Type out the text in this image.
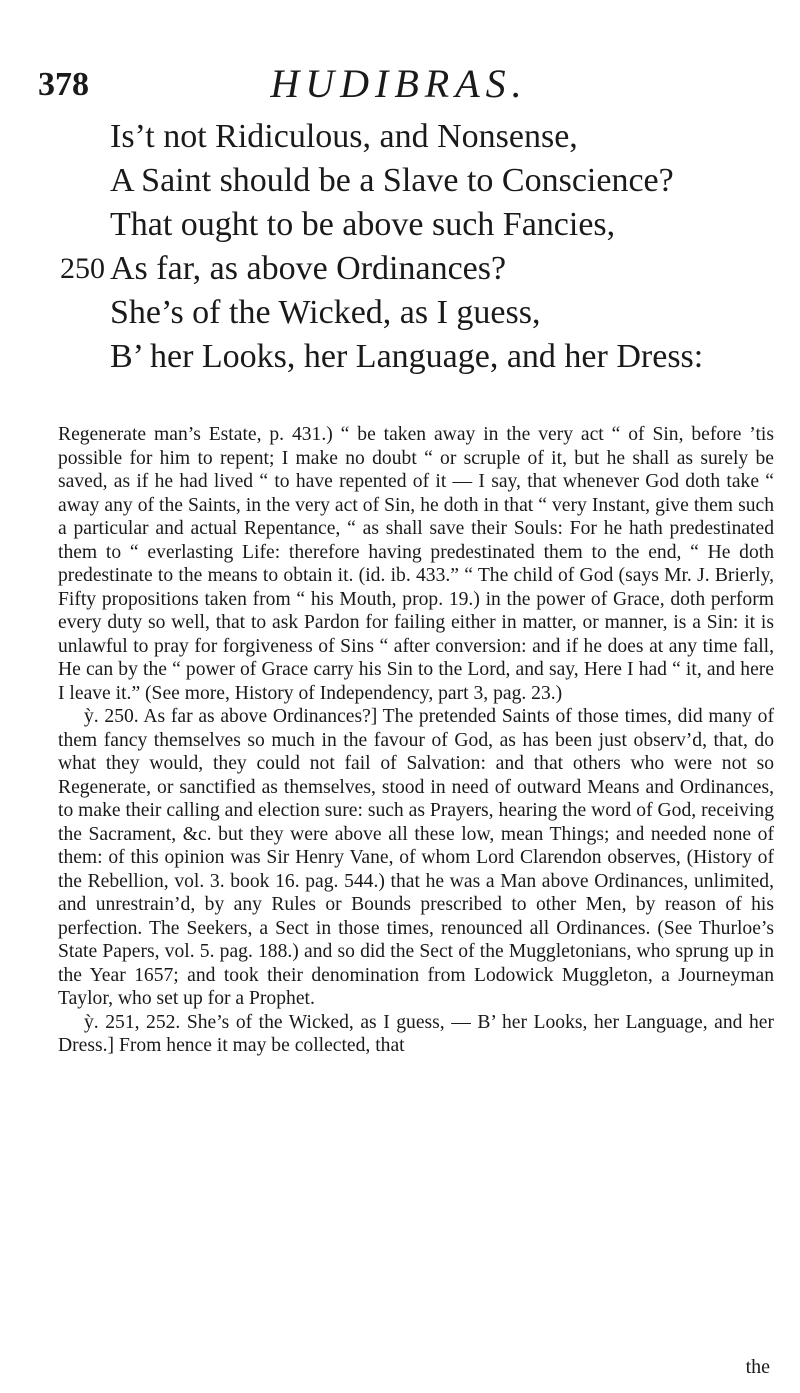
378	HUDIBRAS.
Is’t not Ridiculous, and Nonsense,
A Saint should be a Slave to Conscience?
That ought to be above such Fancies,
250 As far, as above Ordinances?
She’s of the Wicked, as I guess,
B’ her Looks, her Language, and her Dress:

Regenerate man’s Estate, p. 431.) “ be taken away in the very act “ of Sin, before ’tis possible for him to repent; I make no doubt “ or scruple of it, but he shall as surely be saved, as if he had lived “ to have repented of it — I say, that whenever God doth take “ away any of the Saints, in the very act of Sin, he doth in that “ very Instant, give them such a particular and actual Repentance, “ as shall save their Souls: For he hath predestinated them to “ everlasting Life: therefore having predestinated them to the end, “ He doth predestinate to the means to obtain it. (id. ib. 433.” “ The child of God (says Mr. J. Brierly, Fifty propositions taken from “ his Mouth, prop. 19.) in the power of Grace, doth perform every duty so well, that to ask Pardon for failing either in matter, or manner, is a Sin: it is unlawful to pray for forgiveness of Sins “ after conversion: and if he does at any time fall, He can by the “ power of Grace carry his Sin to the Lord, and say, Here I had “ it, and here I leave it.” (See more, History of Independency, part 3, pag. 23.)

ỳ. 250. As far as above Ordinances?] The pretended Saints of those times, did many of them fancy themselves so much in the favour of God, as has been just observ’d, that, do what they would, they could not fail of Salvation: and that others who were not so Regenerate, or sanctified as themselves, stood in need of outward Means and Ordinances, to make their calling and election sure: such as Prayers, hearing the word of God, receiving the Sacrament, &c. but they were above all these low, mean Things; and needed none of them: of this opinion was Sir Henry Vane, of whom Lord Clarendon observes, (History of the Rebellion, vol. 3. book 16. pag. 544.) that he was a Man above Ordinances, unlimited, and unrestrain’d, by any Rules or Bounds prescribed to other Men, by reason of his perfection. The Seekers, a Sect in those times, renounced all Ordinances. (See Thurloe’s State Papers, vol. 5. pag. 188.) and so did the Sect of the Muggletonians, who sprung up in the Year 1657; and took their denomination from Lodowick Muggleton, a Journeyman Taylor, who set up for a Prophet.

ỳ. 251, 252. She’s of the Wicked, as I guess, — B’ her Looks, her Language, and her Dress.] From hence it may be collected, that

the
